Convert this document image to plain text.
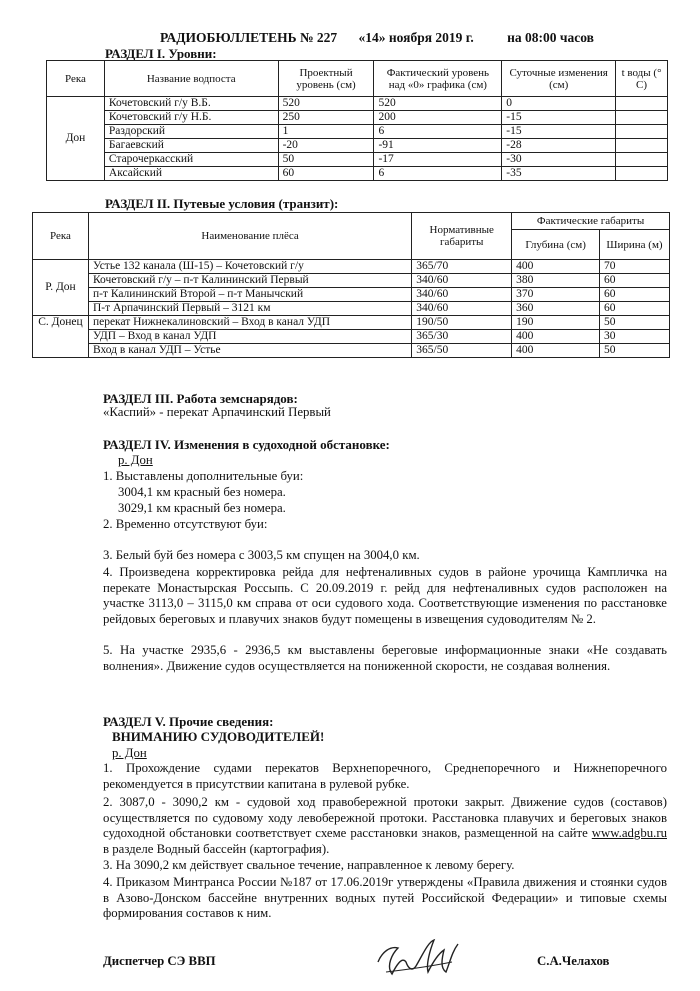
РАДИОБЮЛЛЕТЕНЬ № 227 «14» ноября 2019 г. на 08:00 часов
РАЗДЕЛ I. Уровни:
Река	Название водпоста	Проектный уровень (см)	Фактический уровень над «0» графика (см)	Суточные изменения (см)	t воды (° С)
Дон	Кочетовский г/у В.Б.	520	520	0	
	Кочетовский г/у Н.Б.	250	200	-15	
	Раздорский	1	6	-15	
	Багаевский	-20	-91	-28	
	Старочеркасский	50	-17	-30	
	Аксайский	60	6	-35	
РАЗДЕЛ II. Путевые условия (транзит):
Река	Наименование плёса	Нормативные габариты	Фактические габариты	
			Глубина (см)	Ширина (м)
Р. Дон	Устье 132 канала (Ш-15) – Кочетовский г/у	365/70	400	70
	Кочетовский г/у – п-т Калининский Первый	340/60	380	60
	п-т Калининский Второй – п-т Манычский	340/60	370	60
	П-т Арпачинский Первый – 3121 км	340/60	360	60
С. Донец	перекат Нижнекалиновский – Вход в канал УДП	190/50	190	50
	УДП – Вход в канал УДП	365/30	400	30
	Вход в канал УДП – Устье	365/50	400	50
РАЗДЕЛ III. Работа земснарядов:
«Каспий» - перекат Арпачинский Первый
РАЗДЕЛ IV. Изменения в судоходной обстановке:
р. Дон
1. Выставлены дополнительные буи:
3004,1 км красный без номера.
3029,1 км красный без номера.
2. Временно отсутствуют буи:
3. Белый буй без номера с 3003,5 км спущен на 3004,0 км.
4. Произведена корректировка рейда для нефтеналивных судов в районе урочища Кампличка на перекате Монастырская Россыпь. С 20.09.2019 г. рейд для нефтеналивных судов расположен на участке 3113,0 – 3115,0 км справа от оси судового хода. Соответствующие изменения по расстановке рейдовых береговых и плавучих знаков будут помещены в извещения судоводителям № 2.
5. На участке 2935,6 - 2936,5 км выставлены береговые информационные знаки «Не создавать волнения». Движение судов осуществляется на пониженной скорости, не создавая волнения.
РАЗДЕЛ V. Прочие сведения:
ВНИМАНИЮ СУДОВОДИТЕЛЕЙ!
р. Дон
1. Прохождение судами перекатов Верхнепоречного, Среднепоречного и Нижнепоречного рекомендуется в присутствии капитана в рулевой рубке.
2. 3087,0 - 3090,2 км - судовой ход правобережной протоки закрыт. Движение судов (составов) осуществляется по судовому ходу левобережной протоки. Расстановка плавучих и береговых знаков судоходной обстановки соответствует схеме расстановки знаков, размещенной на сайте www.adgbu.ru в разделе Водный бассейн (картография).
3. На 3090,2 км действует свальное течение, направленное к левому берегу.
4. Приказом Минтранса России №187 от 17.06.2019г утверждены «Правила движения и стоянки судов в Азово-Донском бассейне внутренних водных путей Российской Федерации» и типовые схемы формирования составов к ним.
Диспетчер СЭ ВВП	С.А.Челахов
